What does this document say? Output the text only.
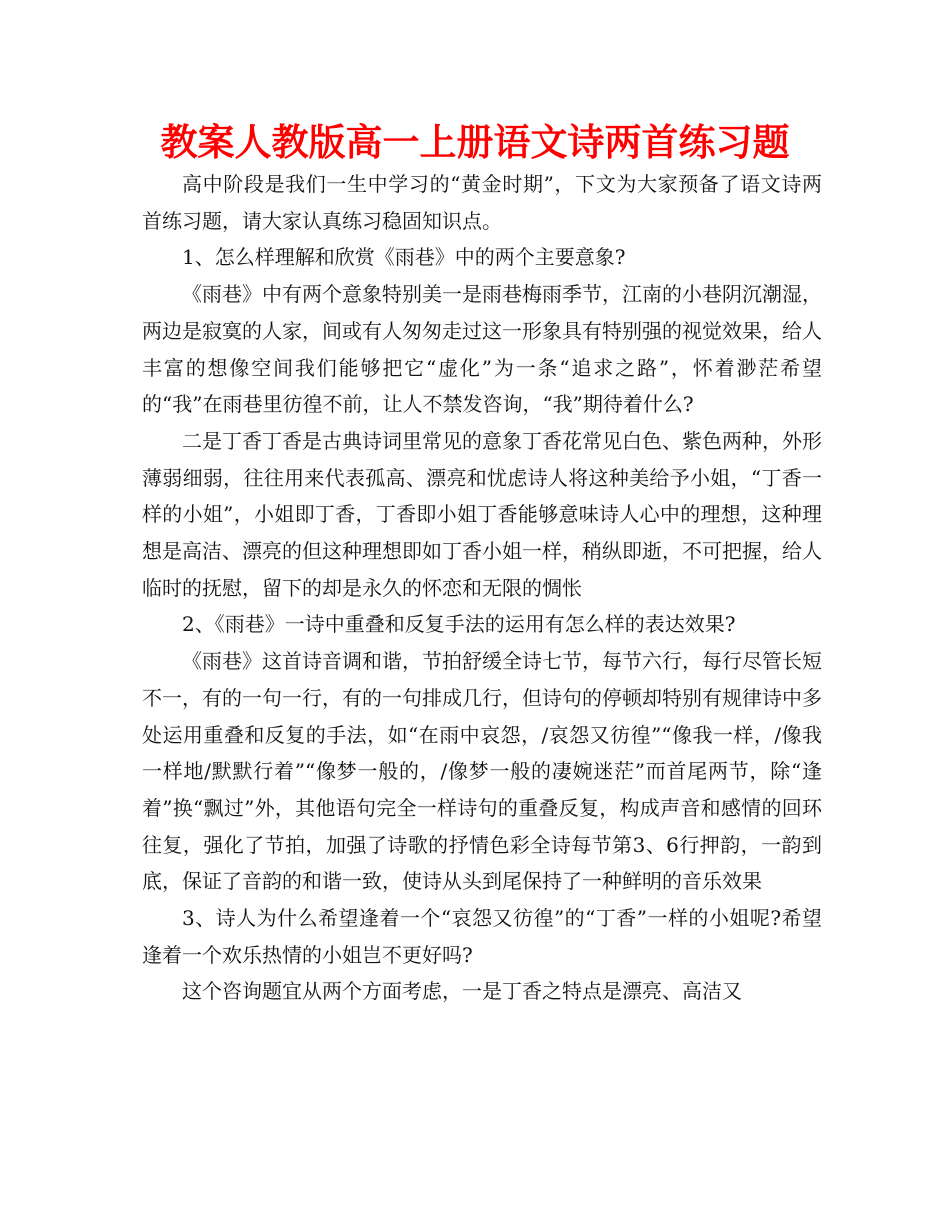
教案人教版高一上册语文诗两首练习题

高中阶段是我们一生中学习的“黄金时期”，下文为大家预备了语文诗两首练习题，请大家认真练习稳固知识点。

1、怎么样理解和欣赏《雨巷》中的两个主要意象?

《雨巷》中有两个意象特别美一是雨巷梅雨季节，江南的小巷阴沉潮湿，两边是寂寞的人家，间或有人匆匆走过这一形象具有特别强的视觉效果，给人丰富的想像空间我们能够把它“虚化”为一条“追求之路”，怀着渺茫希望的“我”在雨巷里彷徨不前，让人不禁发咨询，“我”期待着什么?

二是丁香丁香是古典诗词里常见的意象丁香花常见白色、紫色两种，外形薄弱细弱，往往用来代表孤高、漂亮和忧虑诗人将这种美给予小姐，“丁香一样的小姐”，小姐即丁香，丁香即小姐丁香能够意味诗人心中的理想，这种理想是高洁、漂亮的但这种理想即如丁香小姐一样，稍纵即逝，不可把握，给人临时的抚慰，留下的却是永久的怀恋和无限的惆怅

2、《雨巷》一诗中重叠和反复手法的运用有怎么样的表达效果?

《雨巷》这首诗音调和谐，节拍舒缓全诗七节，每节六行，每行尽管长短不一，有的一句一行，有的一句排成几行，但诗句的停顿却特别有规律诗中多处运用重叠和反复的手法，如“在雨中哀怨，/哀怨又彷徨”“像我一样，/像我一样地/默默行着”“像梦一般的，/像梦一般的凄婉迷茫”而首尾两节，除“逢着”换“飘过”外，其他语句完全一样诗句的重叠反复，构成声音和感情的回环往复，强化了节拍，加强了诗歌的抒情色彩全诗每节第3、6行押韵，一韵到底，保证了音韵的和谐一致，使诗从头到尾保持了一种鲜明的音乐效果

3、诗人为什么希望逢着一个“哀怨又彷徨”的“丁香”一样的小姐呢?希望逢着一个欢乐热情的小姐岂不更好吗?

这个咨询题宜从两个方面考虑，一是丁香之特点是漂亮、高洁又
